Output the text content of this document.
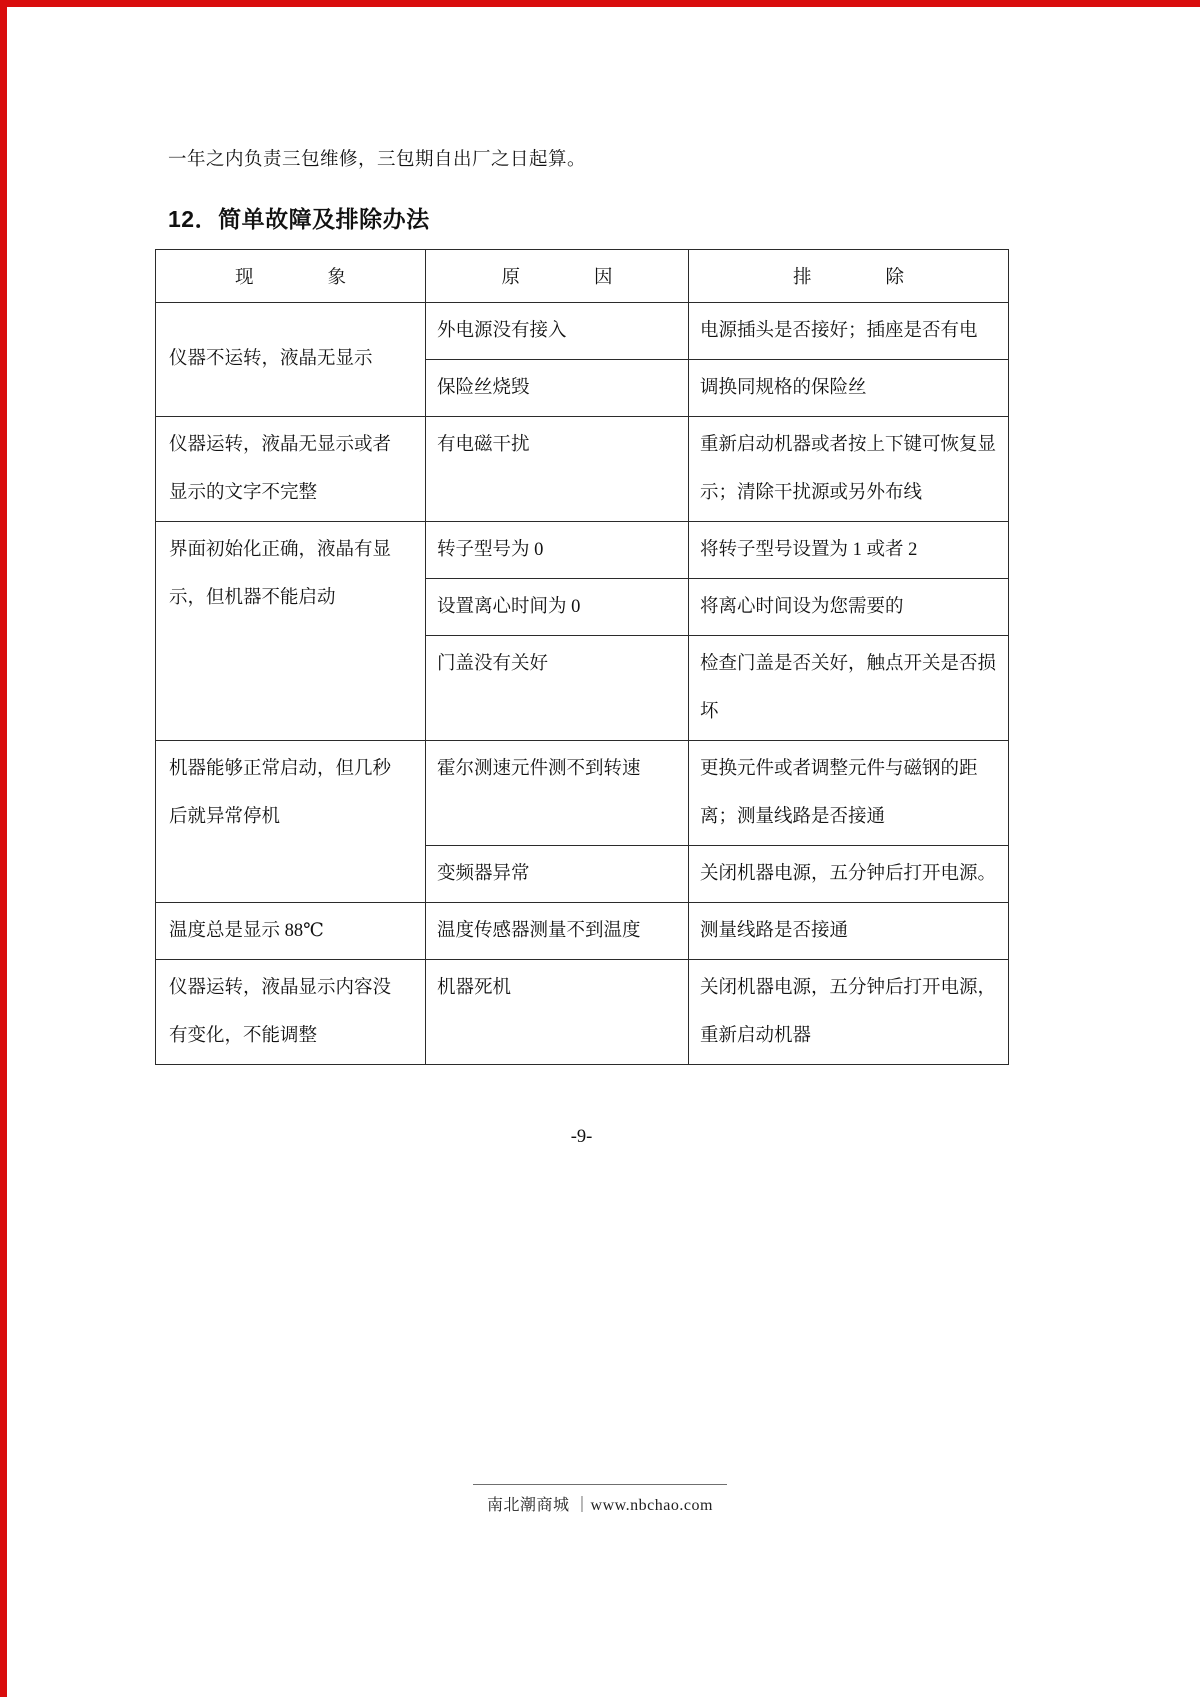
一年之内负责三包维修，三包期自出厂之日起算。

12．简单故障及排除办法
现　　　　象	原　　　　因	排　　　　除
仪器不运转，液晶无显示	外电源没有接入	电源插头是否接好；插座是否有电
	保险丝烧毁	调换同规格的保险丝
仪器运转，液晶无显示或者显示的文字不完整	有电磁干扰	重新启动机器或者按上下键可恢复显示；清除干扰源或另外布线
界面初始化正确，液晶有显示，但机器不能启动	转子型号为 0	将转子型号设置为 1 或者 2
	设置离心时间为 0	将离心时间设为您需要的
	门盖没有关好	检查门盖是否关好，触点开关是否损坏
机器能够正常启动，但几秒后就异常停机	霍尔测速元件测不到转速	更换元件或者调整元件与磁钢的距离；测量线路是否接通
	变频器异常	关闭机器电源，五分钟后打开电源。
温度总是显示 88℃	温度传感器测量不到温度	测量线路是否接通
仪器运转，液晶显示内容没有变化，不能调整	机器死机	关闭机器电源，五分钟后打开电源，重新启动机器
-9-
南北潮商城 ｜www.nbchao.com
